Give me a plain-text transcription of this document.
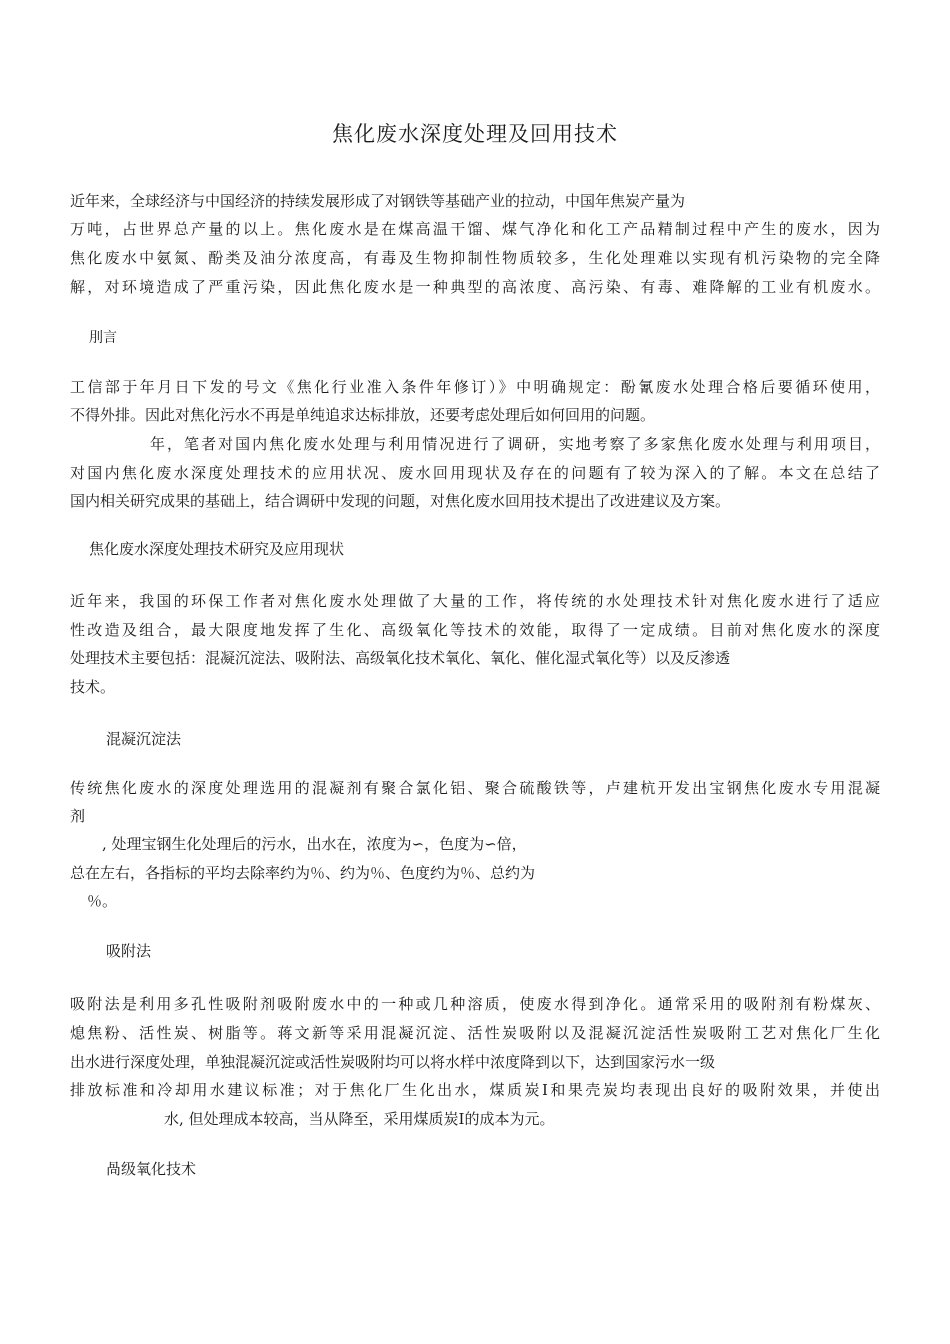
焦化废水深度处理及回用技术
近年来，全球经济与中国经济的持续发展形成了对钢铁等基础产业的拉动，中国年焦炭产量为
万吨，占世界总产量的以上。焦化废水是在煤高温干馏、煤气净化和化工产品精制过程中产生的废水，因为
焦化废水中氨氮、酚类及油分浓度高，有毒及生物抑制性物质较多，生化处理难以实现有机污染物的完全降
解，对环境造成了严重污染，因此焦化废水是一种典型的高浓度、高污染、有毒、难降解的工业有机废水。
刖言
工信部于年月日下发的号文《焦化行业准入条件年修订）》中明确规定：酚氰废水处理合格后要循环使用，
不得外排。因此对焦化污水不再是单纯追求达标排放，还要考虑处理后如何回用的问题。
年，笔者对国内焦化废水处理与利用情况进行了调研，实地考察了多家焦化废水处理与利用项目，
对国内焦化废水深度处理技术的应用状况、废水回用现状及存在的问题有了较为深入的了解。本文在总结了
国内相关研究成果的基础上，结合调研中发现的问题，对焦化废水回用技术提出了改进建议及方案。
焦化废水深度处理技术研究及应用现状
近年来，我国的环保工作者对焦化废水处理做了大量的工作，将传统的水处理技术针对焦化废水进行了适应
性改造及组合，最大限度地发挥了生化、高级氧化等技术的效能，取得了一定成绩。目前对焦化废水的深度
处理技术主要包括：混凝沉淀法、吸附法、高级氧化技术氧化、氧化、催化湿式氧化等）以及反渗透
技术。
混凝沉淀法
传统焦化废水的深度处理选用的混凝剂有聚合氯化铝、聚合硫酸铁等，卢建杭开发出宝钢焦化废水专用混凝
剂
, 处理宝钢生化处理后的污水，出水在，浓度为∽，色度为∽倍，
总在左右，各指标的平均去除率约为％、约为％、色度约为％、总约为
％。
吸附法
吸附法是利用多孔性吸附剂吸附废水中的一种或几种溶质，使废水得到净化。通常采用的吸附剂有粉煤灰、
熄焦粉、活性炭、树脂等。蒋文新等采用混凝沉淀、活性炭吸附以及混凝沉淀活性炭吸附工艺对焦化厂生化
出水进行深度处理，单独混凝沉淀或活性炭吸附均可以将水样中浓度降到以下，达到国家污水一级
排放标准和冷却用水建议标准；对于焦化厂生化出水，煤质炭Ⅰ和果壳炭均表现出良好的吸附效果，并使出
水, 但处理成本较高，当从降至，采用煤质炭Ⅰ的成本为元。
咼级氧化技术
